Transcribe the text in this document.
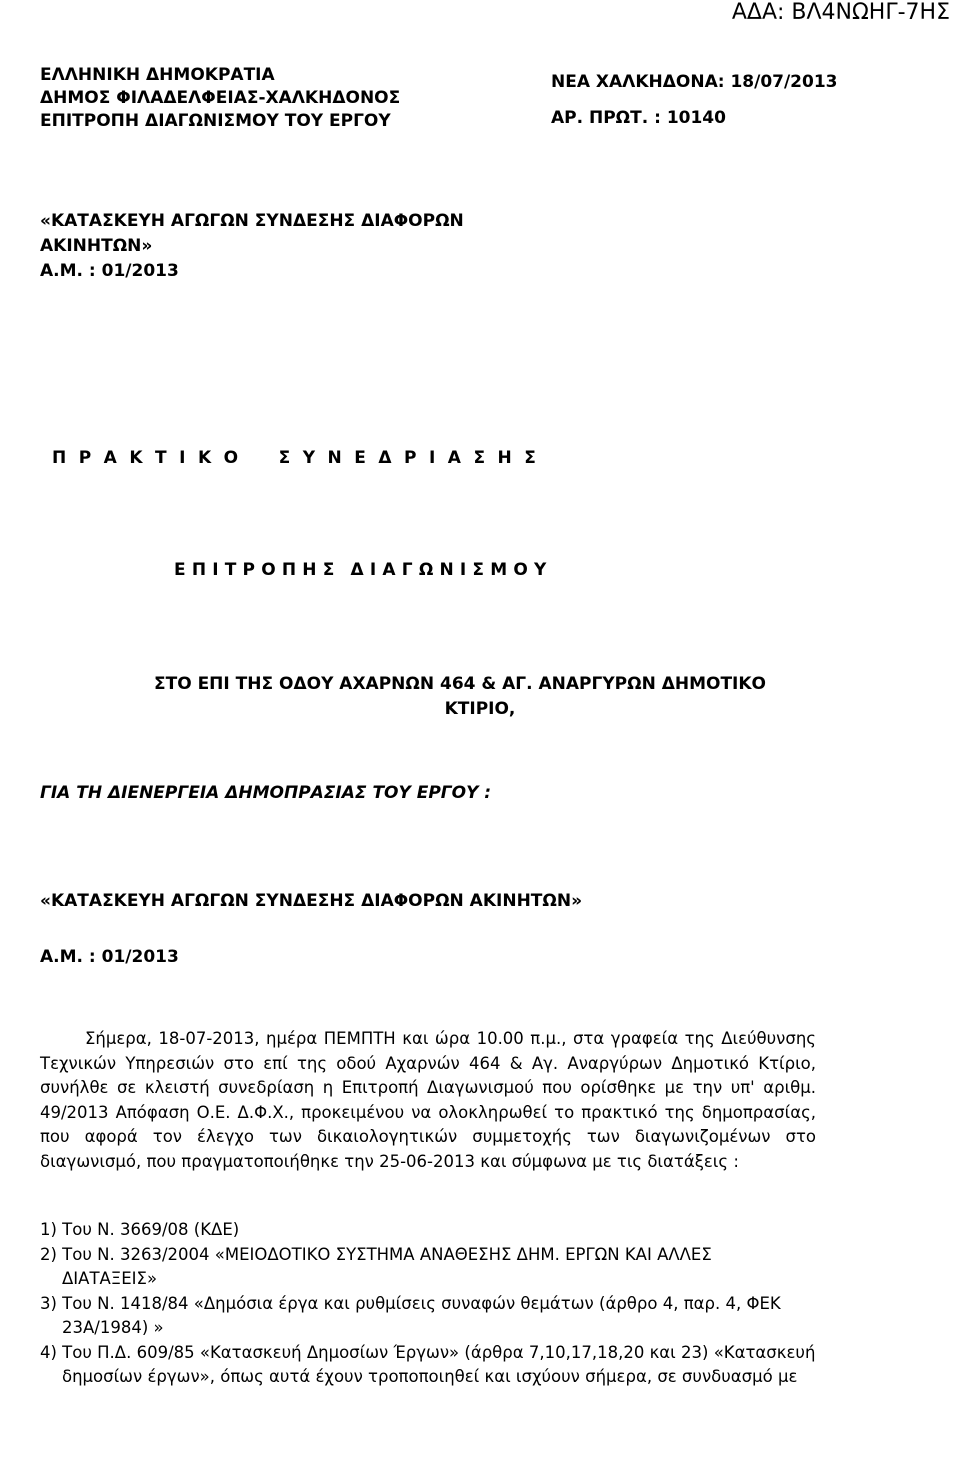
ΑΔΑ: ΒΛ4ΝΩΗΓ-7ΗΣ
ΕΛΛΗΝΙΚΗ ΔΗΜΟΚΡΑΤΙΑ
ΔΗΜΟΣ ΦΙΛΑΔΕΛΦΕΙΑΣ-ΧΑΛΚΗΔΟΝΟΣ
ΕΠΙΤΡΟΠΗ ΔΙΑΓΩΝΙΣΜΟΥ ΤΟΥ ΕΡΓΟΥ
ΝΕΑ ΧΑΛΚΗΔΟΝΑ: 18/07/2013
ΑΡ. ΠΡΩΤ. : 10140
«ΚΑΤΑΣΚΕΥΗ ΑΓΩΓΩΝ ΣΥΝΔΕΣΗΣ ΔΙΑΦΟΡΩΝ
ΑΚΙΝΗΤΩΝ»
Α.Μ. : 01/2013
ΠΡΑΚΤΙΚΟ ΣΥΝΕΔΡΙΑΣΗΣ
ΕΠΙΤΡΟΠΗΣ ΔΙΑΓΩΝΙΣΜΟΥ
ΣΤΟ ΕΠΙ ΤΗΣ ΟΔΟΥ ΑΧΑΡΝΩΝ 464 & ΑΓ. ΑΝΑΡΓΥΡΩΝ ΔΗΜΟΤΙΚΟ
ΚΤΙΡΙΟ,
ΓΙΑ ΤΗ ΔΙΕΝΕΡΓΕΙΑ ΔΗΜΟΠΡΑΣΙΑΣ ΤΟΥ ΕΡΓΟΥ :
«ΚΑΤΑΣΚΕΥΗ ΑΓΩΓΩΝ ΣΥΝΔΕΣΗΣ ΔΙΑΦΟΡΩΝ ΑΚΙΝΗΤΩΝ»
Α.Μ. : 01/2013
Σήμερα, 18-07-2013, ημέρα ΠΕΜΠΤΗ και ώρα 10.00 π.μ., στα γραφεία της Διεύθυνσης Τεχνικών Υπηρεσιών στο επί της οδού Αχαρνών 464 & Αγ. Αναργύρων Δημοτικό Κτίριο, συνήλθε σε κλειστή συνεδρίαση η Επιτροπή Διαγωνισμού που ορίσθηκε με την υπ' αριθμ. 49/2013 Απόφαση Ο.Ε. Δ.Φ.Χ., προκειμένου να ολοκληρωθεί το πρακτικό της δημοπρασίας, που αφορά τον έλεγχο των δικαιολογητικών συμμετοχής των διαγωνιζομένων στο διαγωνισμό, που πραγματοποιήθηκε την 25-06-2013 και σύμφωνα με τις διατάξεις :
1) Του Ν. 3669/08 (ΚΔΕ)
2) Του Ν. 3263/2004 «ΜΕΙΟΔΟΤΙΚΟ ΣΥΣΤΗΜΑ ΑΝΑΘΕΣΗΣ ΔΗΜ. ΕΡΓΩΝ ΚΑΙ ΑΛΛΕΣ
ΔΙΑΤΑΞΕΙΣ»
3) Του Ν. 1418/84 «Δημόσια έργα και ρυθμίσεις συναφών θεμάτων (άρθρο 4, παρ. 4, ΦΕΚ
23Α/1984) »
4) Του Π.Δ. 609/85 «Κατασκευή Δημοσίων Έργων» (άρθρα 7,10,17,18,20 και 23) «Κατασκευή
δημοσίων έργων», όπως αυτά έχουν τροποποιηθεί και ισχύουν σήμερα, σε συνδυασμό με
